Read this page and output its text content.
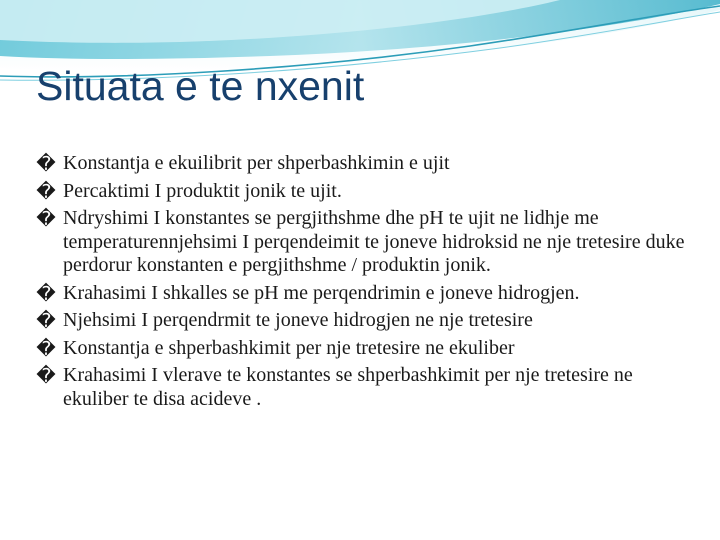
Situata e te nxenit
� Konstantja e ekuilibrit per shperbashkimin e ujit
� Percaktimi I produktit jonik te ujit.
� Ndryshimi I konstantes se pergjithshme dhe pH te ujit ne lidhje me temperaturennjehsimi I perqendeimit te joneve hidroksid ne nje tretesire duke perdorur konstanten e pergjithshme / produktin jonik.
� Krahasimi I shkalles se pH me perqendrimin e joneve hidrogjen.
� Njehsimi I perqendrmit te joneve hidrogjen ne nje tretesire
� Konstantja e shperbashkimit per nje tretesire ne ekuliber
� Krahasimi I vlerave te konstantes se shperbashkimit per nje tretesire ne ekuliber te disa acideve .
